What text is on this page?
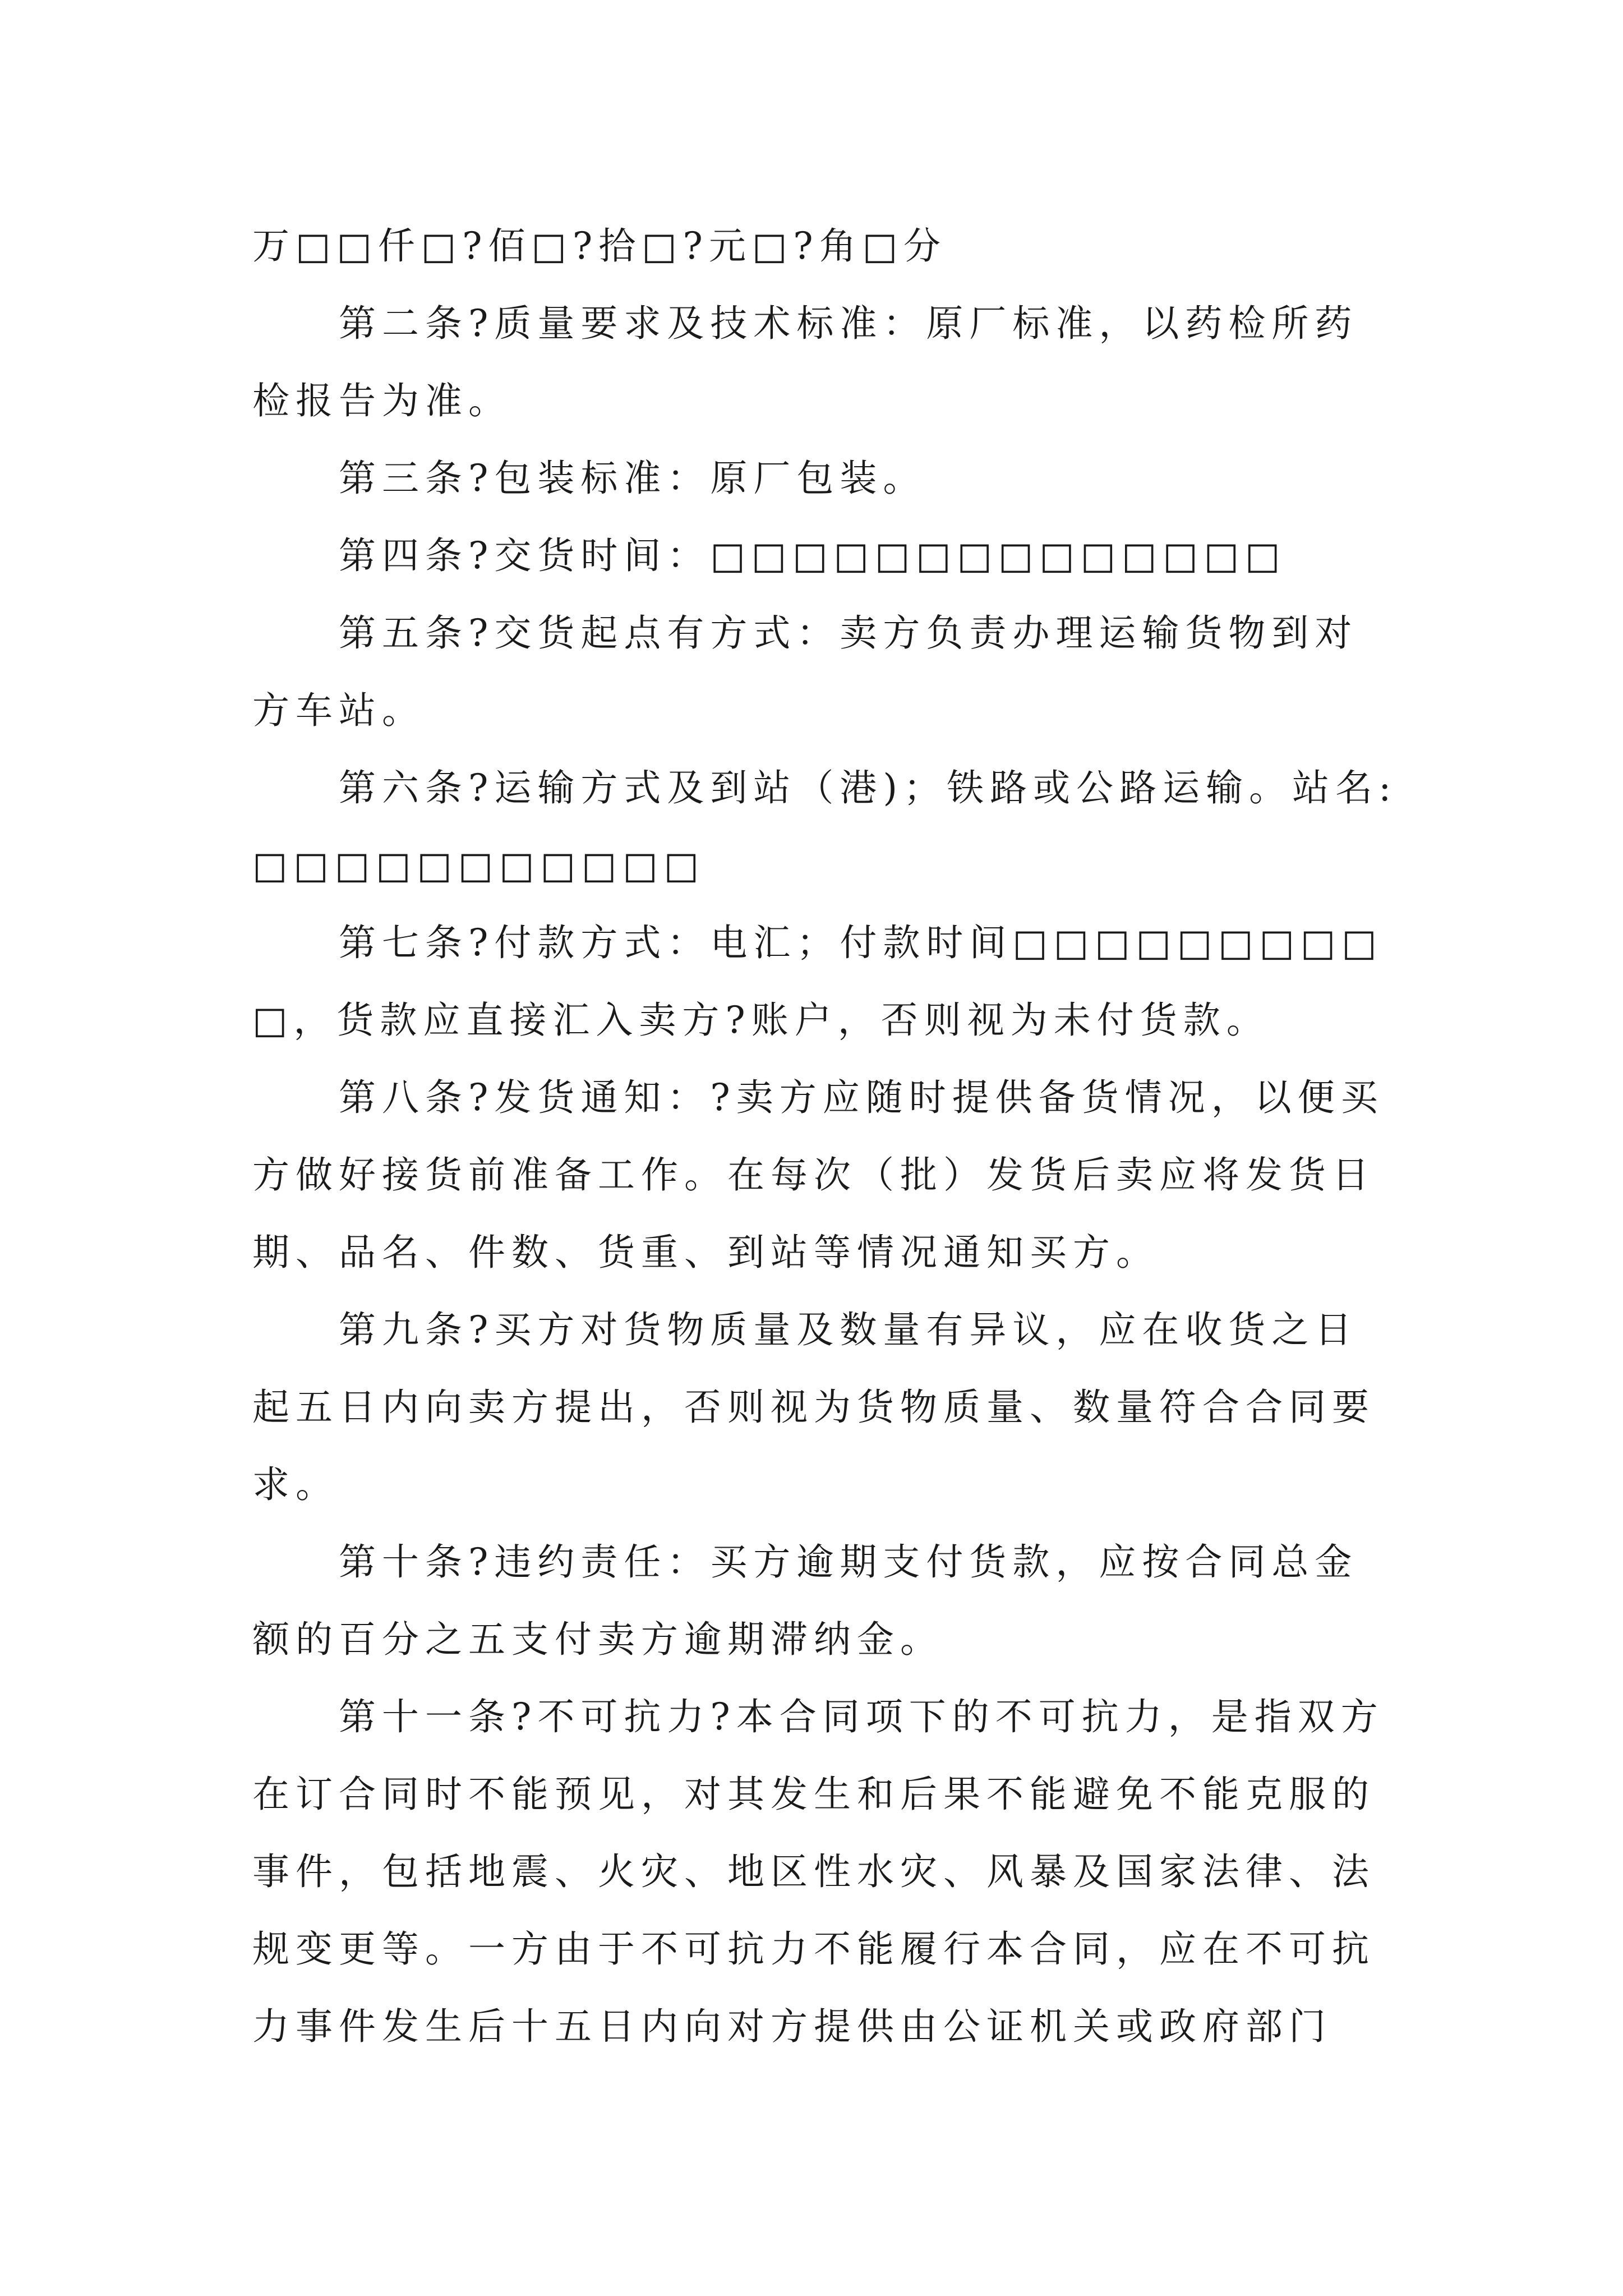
万□□仟□?佰□?拾□?元□?角□分
第二条?质量要求及技术标准：原厂标准，以药检所药
检报告为准。
第三条?包装标准：原厂包装。
第四条?交货时间：□□□□□□□□□□□□□□
第五条?交货起点有方式：卖方负责办理运输货物到对
方车站。
第六条?运输方式及到站（港)；铁路或公路运输。站名:
□□□□□□□□□□□
第七条?付款方式：电汇；付款时间□□□□□□□□□
□，货款应直接汇入卖方?账户，否则视为未付货款。
第八条?发货通知：?卖方应随时提供备货情况，以便买
方做好接货前准备工作。在每次（批）发货后卖应将发货日
期、品名、件数、货重、到站等情况通知买方。
第九条?买方对货物质量及数量有异议，应在收货之日
起五日内向卖方提出，否则视为货物质量、数量符合合同要
求。
第十条?违约责任：买方逾期支付货款，应按合同总金
额的百分之五支付卖方逾期滞纳金。
第十一条?不可抗力?本合同项下的不可抗力，是指双方
在订合同时不能预见，对其发生和后果不能避免不能克服的
事件，包括地震、火灾、地区性水灾、风暴及国家法律、法
规变更等。一方由于不可抗力不能履行本合同，应在不可抗
力事件发生后十五日内向对方提供由公证机关或政府部门
